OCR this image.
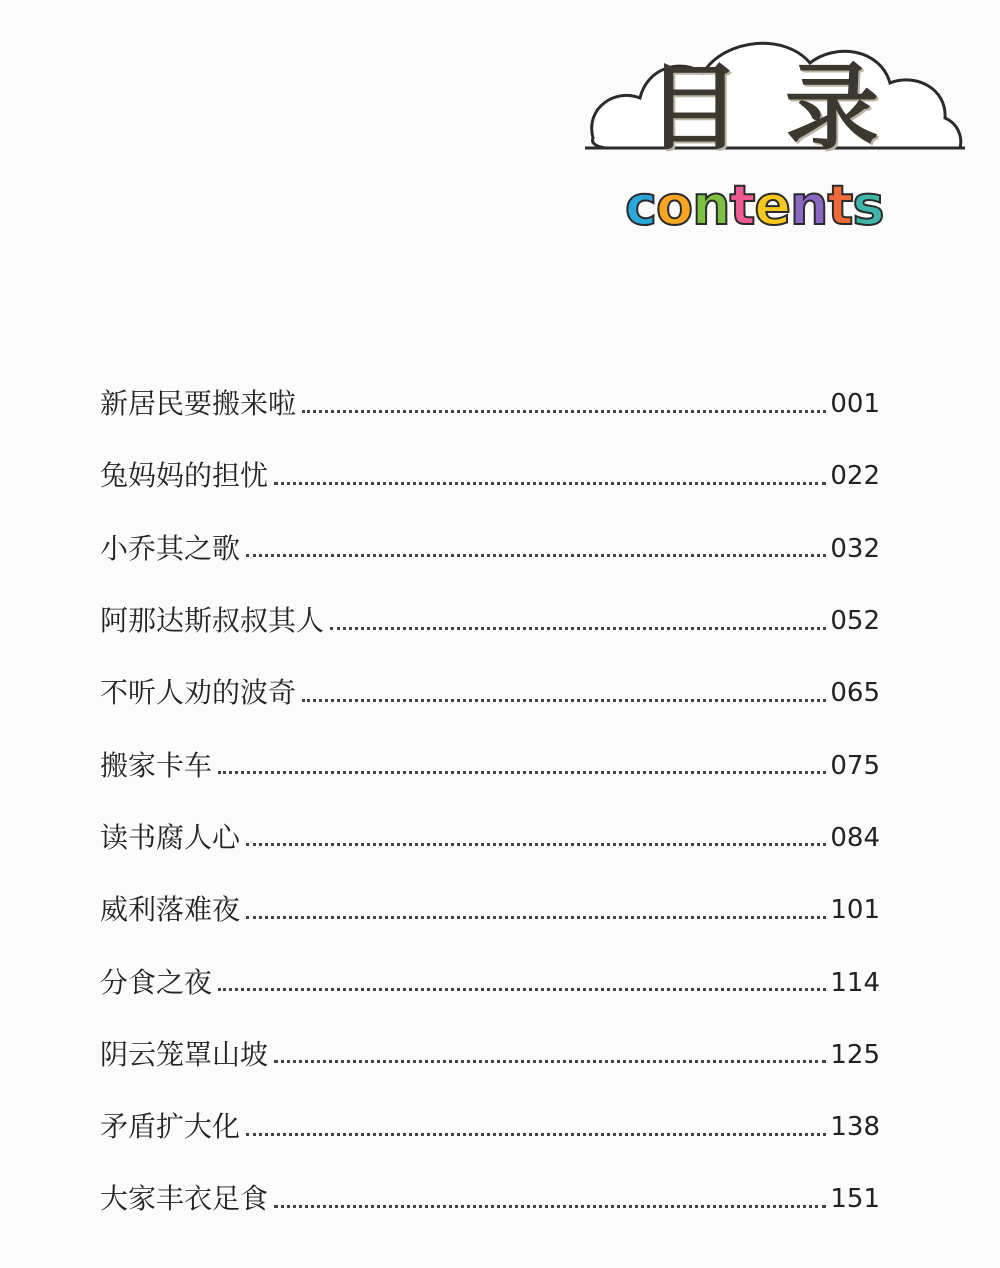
目录
contents
新居民要搬来啦	001
兔妈妈的担忧	022
小乔其之歌	032
阿那达斯叔叔其人	052
不听人劝的波奇	065
搬家卡车	075
读书腐人心	084
威利落难夜	101
分食之夜	114
阴云笼罩山坡	125
矛盾扩大化	138
大家丰衣足食	151
